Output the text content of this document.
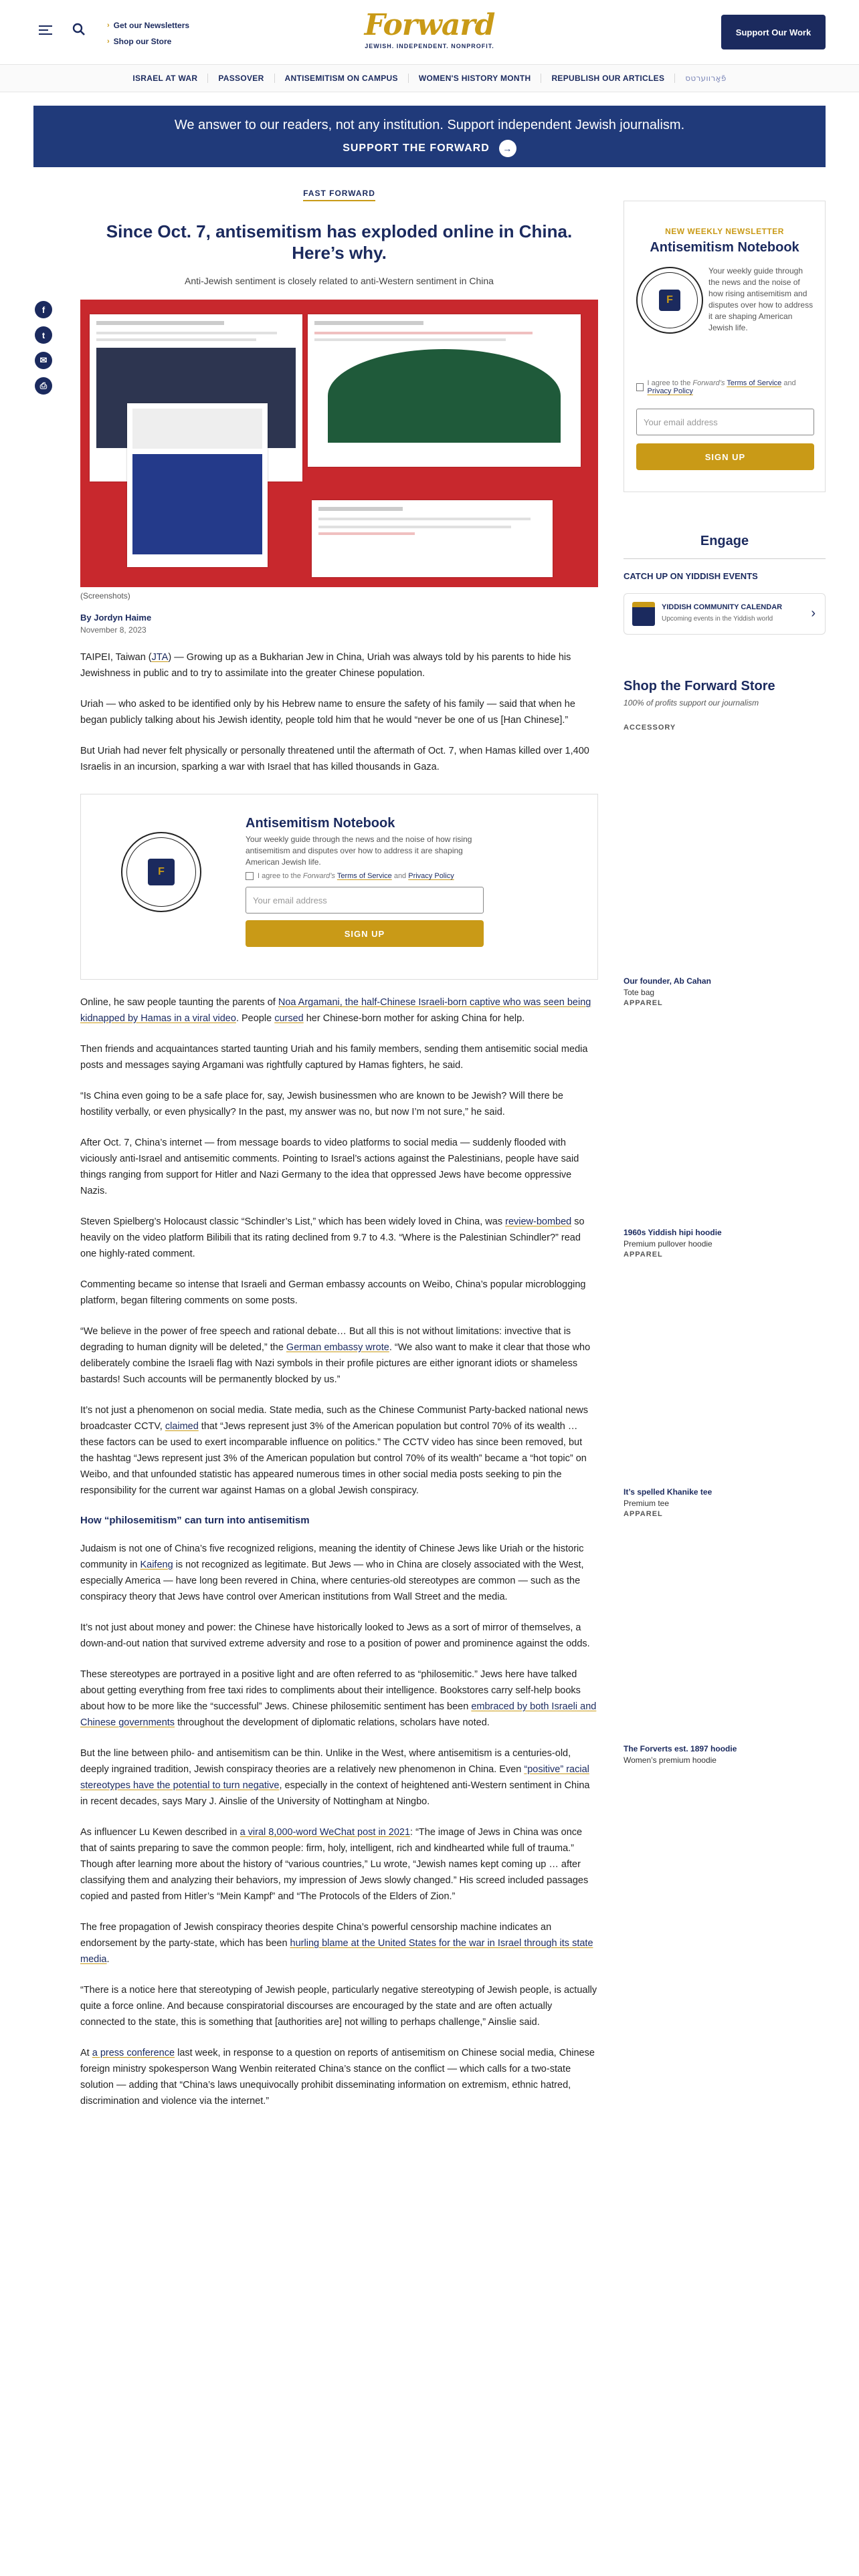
› Get our Newsletters
› Shop our Store	Forward
JEWISH. INDEPENDENT. NONPROFIT.
Support Our Work
ISRAEL AT WAR	PASSOVER	ANTISEMITISM ON CAMPUS	WOMEN'S HISTORY MONTH	REPUBLISH OUR ARTICLES	פֿאָרווערטס
We answer to our readers, not any institution. Support independent Jewish journalism.
SUPPORT THE FORWARD	→
f
t
✉
⎙
FAST FORWARD
Since Oct. 7, antisemitism has exploded online in China. Here’s why.
Anti-Jewish sentiment is closely related to anti-Western sentiment in China
(Screenshots)
By Jordyn Haime
November 8, 2023

TAIPEI, Taiwan (JTA) — Growing up as a Bukharian Jew in China, Uriah was always told by his parents to hide his Jewishness in public and to try to assimilate into the greater Chinese population.

Uriah — who asked to be identified only by his Hebrew name to ensure the safety of his family — said that when he began publicly talking about his Jewish identity, people told him that he would “never be one of us [Han Chinese].”

But Uriah had never felt physically or personally threatened until the aftermath of Oct. 7, when Hamas killed over 1,400 Israelis in an incursion, sparking a war with Israel that has killed thousands in Gaza.

F
Antisemitism Notebook
Your weekly guide through the news and the noise of how rising antisemitism and disputes over how to address it are shaping American Jewish life.
I agree to the Forward’s Terms of Service and Privacy Policy
Your email address
SIGN UP

Online, he saw people taunting the parents of Noa Argamani, the half-Chinese Israeli-born captive who was seen being kidnapped by Hamas in a viral video. People cursed her Chinese-born mother for asking China for help.

Then friends and acquaintances started taunting Uriah and his family members, sending them antisemitic social media posts and messages saying Argamani was rightfully captured by Hamas fighters, he said.

“Is China even going to be a safe place for, say, Jewish businessmen who are known to be Jewish? Will there be hostility verbally, or even physically? In the past, my answer was no, but now I’m not sure,” he said.

After Oct. 7, China’s internet — from message boards to video platforms to social media — suddenly flooded with viciously anti-Israel and antisemitic comments. Pointing to Israel’s actions against the Palestinians, people have said things ranging from support for Hitler and Nazi Germany to the idea that oppressed Jews have become oppressive Nazis.

Steven Spielberg’s Holocaust classic “Schindler’s List,” which has been widely loved in China, was review-bombed so heavily on the video platform Bilibili that its rating declined from 9.7 to 4.3. “Where is the Palestinian Schindler?” read one highly-rated comment.

Commenting became so intense that Israeli and German embassy accounts on Weibo, China’s popular microblogging platform, began filtering comments on some posts.

“We believe in the power of free speech and rational debate… But all this is not without limitations: invective that is degrading to human dignity will be deleted,” the German embassy wrote. “We also want to make it clear that those who deliberately combine the Israeli flag with Nazi symbols in their profile pictures are either ignorant idiots or shameless bastards! Such accounts will be permanently blocked by us.”

It’s not just a phenomenon on social media. State media, such as the Chinese Communist Party-backed national news broadcaster CCTV, claimed that “Jews represent just 3% of the American population but control 70% of its wealth … these factors can be used to exert incomparable influence on politics.” The CCTV video has since been removed, but the hashtag “Jews represent just 3% of the American population but control 70% of its wealth” became a “hot topic” on Weibo, and that unfounded statistic has appeared numerous times in other social media posts seeking to pin the responsibility for the current war against Hamas on a global Jewish conspiracy.

How “philosemitism” can turn into antisemitism

Judaism is not one of China’s five recognized religions, meaning the identity of Chinese Jews like Uriah or the historic community in Kaifeng is not recognized as legitimate. But Jews — who in China are closely associated with the West, especially America — have long been revered in China, where centuries-old stereotypes are common — such as the conspiracy theory that Jews have control over American institutions from Wall Street and the media.

It’s not just about money and power: the Chinese have historically looked to Jews as a sort of mirror of themselves, a down-and-out nation that survived extreme adversity and rose to a position of power and prominence against the odds.

These stereotypes are portrayed in a positive light and are often referred to as “philosemitic.” Jews here have talked about getting everything from free taxi rides to compliments about their intelligence. Bookstores carry self-help books about how to be more like the “successful” Jews. Chinese philosemitic sentiment has been embraced by both Israeli and Chinese governments throughout the development of diplomatic relations, scholars have noted.

But the line between philo- and antisemitism can be thin. Unlike in the West, where antisemitism is a centuries-old, deeply ingrained tradition, Jewish conspiracy theories are a relatively new phenomenon in China. Even “positive” racial stereotypes have the potential to turn negative, especially in the context of heightened anti-Western sentiment in China in recent decades, says Mary J. Ainslie of the University of Nottingham at Ningbo.

As influencer Lu Kewen described in a viral 8,000-word WeChat post in 2021: “The image of Jews in China was once that of saints preparing to save the common people: firm, holy, intelligent, rich and kindhearted while full of trauma.” Though after learning more about the history of “various countries,” Lu wrote, “Jewish names kept coming up … after classifying them and analyzing their behaviors, my impression of Jews slowly changed.” His screed included passages copied and pasted from Hitler’s “Mein Kampf” and “The Protocols of the Elders of Zion.”

The free propagation of Jewish conspiracy theories despite China’s powerful censorship machine indicates an endorsement by the party-state, which has been hurling blame at the United States for the war in Israel through its state media.

“There is a notice here that stereotyping of Jewish people, particularly negative stereotyping of Jewish people, is actually quite a force online. And because conspiratorial discourses are encouraged by the state and are often actually connected to the state, this is something that [authorities are] not willing to perhaps challenge,” Ainslie said.

At a press conference last week, in response to a question on reports of antisemitism on Chinese social media, Chinese foreign ministry spokesperson Wang Wenbin reiterated China’s stance on the conflict — which calls for a two-state solution — adding that “China’s laws unequivocally prohibit disseminating information on extremism, ethnic hatred, discrimination and violence via the internet.”

NEW WEEKLY NEWSLETTER
Antisemitism Notebook
F
Your weekly guide through the news and the noise of how rising antisemitism and disputes over how to address it are shaping American Jewish life.
I agree to the Forward’s Terms of Service and Privacy Policy
Your email address
SIGN UP
Engage
CATCH UP ON YIDDISH EVENTS
YIDDISH COMMUNITY CALENDAR
Upcoming events in the Yiddish world	›
Shop the Forward Store
100% of profits support our journalism
ACCESSORY
Our founder, Ab Cahan
Tote bag
APPAREL
1960s Yiddish hipi hoodie
Premium pullover hoodie
APPAREL
It’s spelled Khanike tee
Premium tee
APPAREL
The Forverts est. 1897 hoodie
Women’s premium hoodie
